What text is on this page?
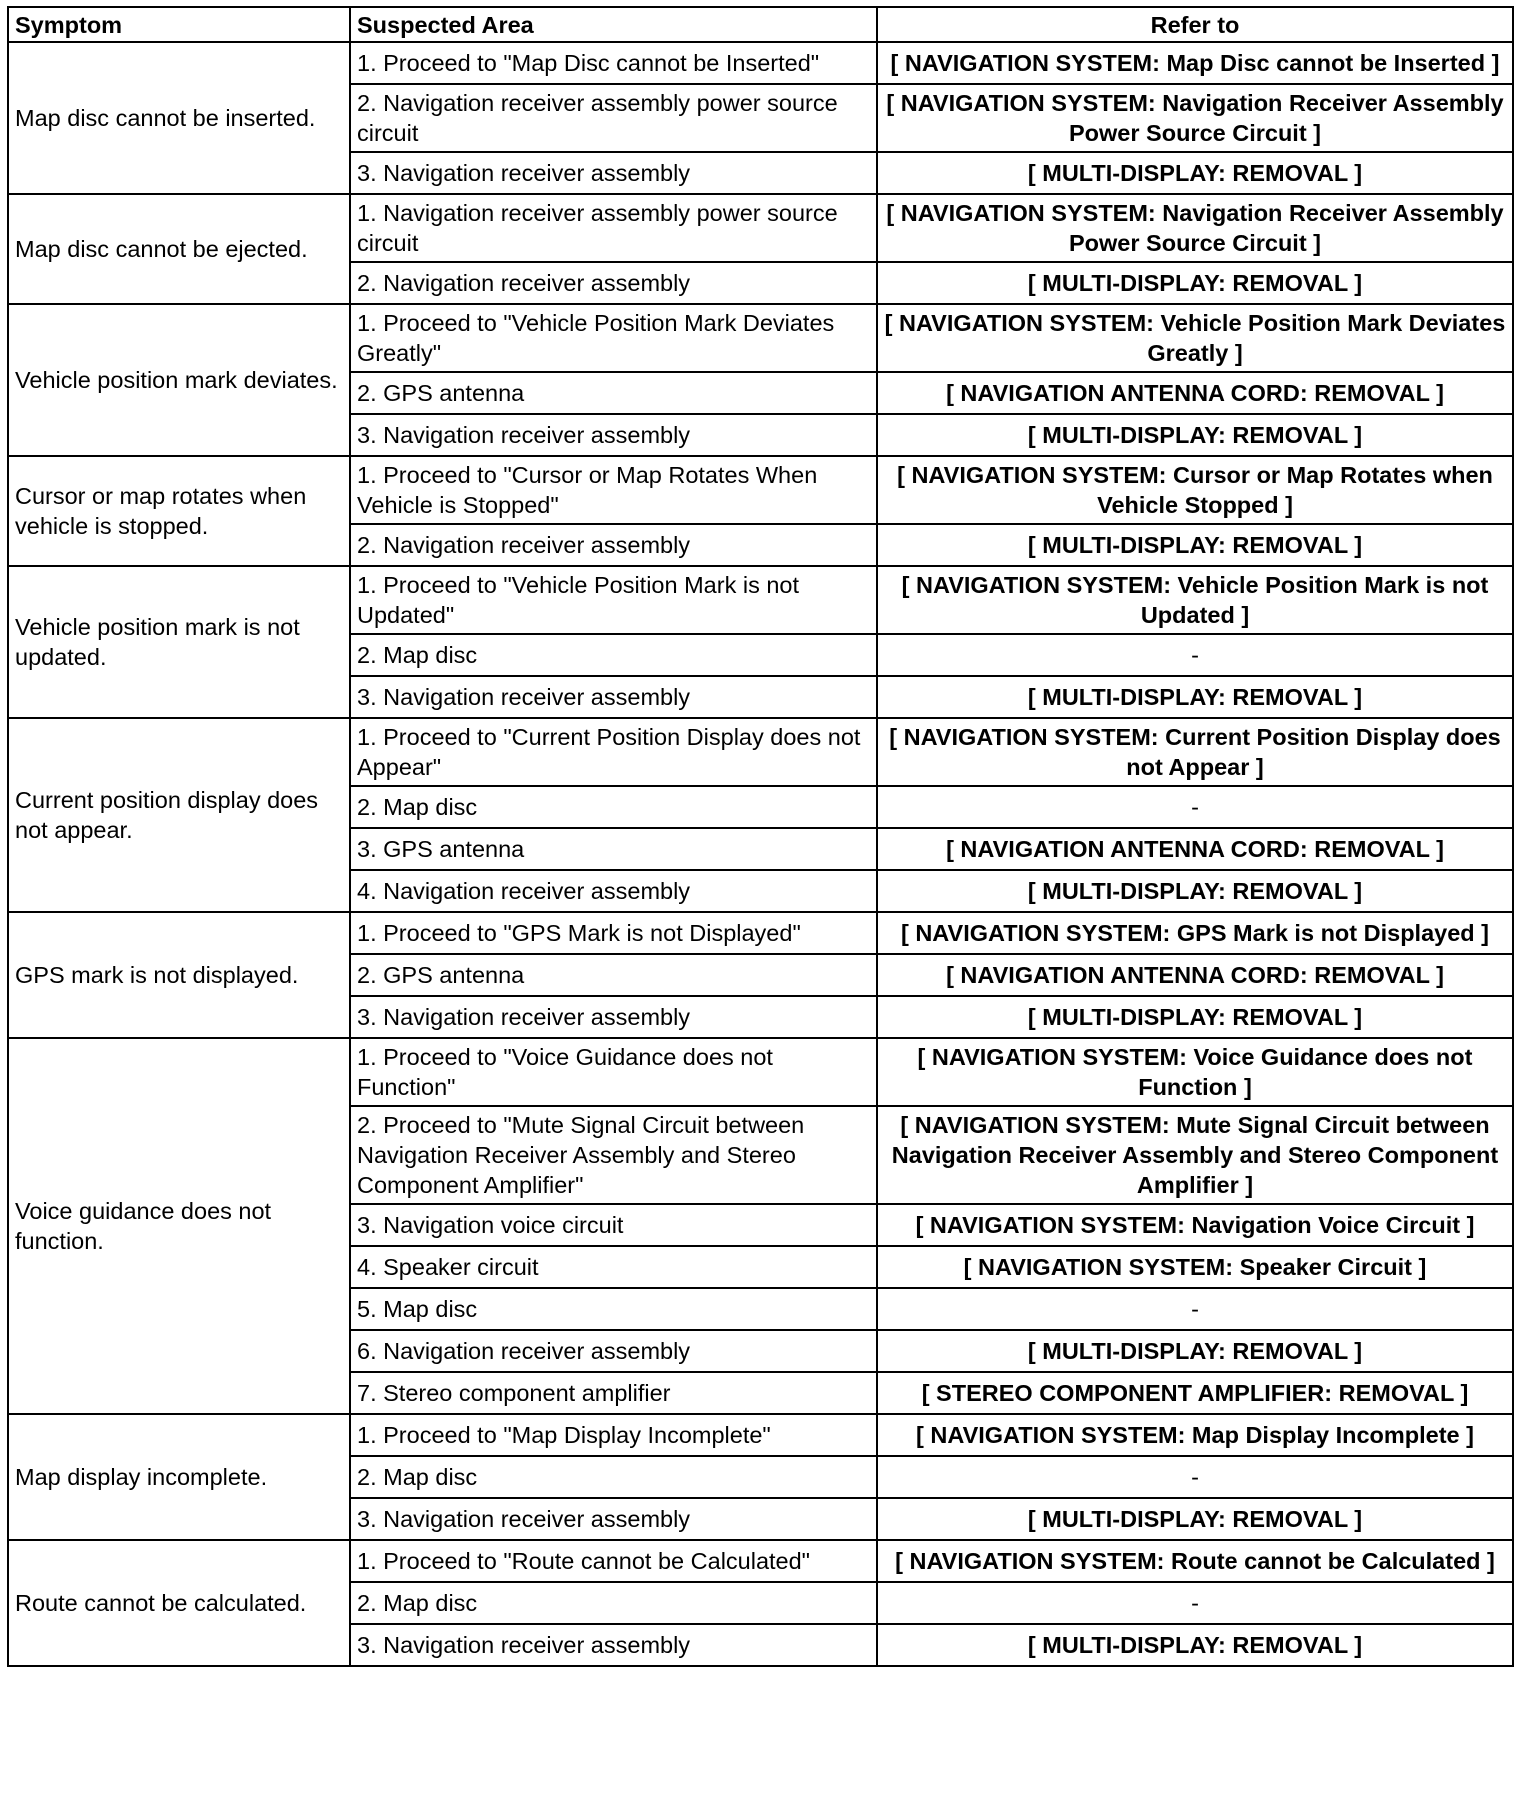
Symptom	Suspected Area	Refer to
Map disc cannot be inserted.	1. Proceed to "Map Disc cannot be Inserted"	[ NAVIGATION SYSTEM: Map Disc cannot be Inserted ]
	2. Navigation receiver assembly power source circuit	[ NAVIGATION SYSTEM: Navigation Receiver Assembly Power Source Circuit ]
	3. Navigation receiver assembly	[ MULTI-DISPLAY: REMOVAL ]
Map disc cannot be ejected.	1. Navigation receiver assembly power source circuit	[ NAVIGATION SYSTEM: Navigation Receiver Assembly Power Source Circuit ]
	2. Navigation receiver assembly	[ MULTI-DISPLAY: REMOVAL ]
Vehicle position mark deviates.	1. Proceed to "Vehicle Position Mark Deviates Greatly"	[ NAVIGATION SYSTEM: Vehicle Position Mark Deviates Greatly ]
	2. GPS antenna	[ NAVIGATION ANTENNA CORD: REMOVAL ]
	3. Navigation receiver assembly	[ MULTI-DISPLAY: REMOVAL ]
Cursor or map rotates when vehicle is stopped.	1. Proceed to "Cursor or Map Rotates When Vehicle is Stopped"	[ NAVIGATION SYSTEM: Cursor or Map Rotates when Vehicle Stopped ]
	2. Navigation receiver assembly	[ MULTI-DISPLAY: REMOVAL ]
Vehicle position mark is not updated.	1. Proceed to "Vehicle Position Mark is not Updated"	[ NAVIGATION SYSTEM: Vehicle Position Mark is not Updated ]
	2. Map disc	-
	3. Navigation receiver assembly	[ MULTI-DISPLAY: REMOVAL ]
Current position display does not appear.	1. Proceed to "Current Position Display does not Appear"	[ NAVIGATION SYSTEM: Current Position Display does not Appear ]
	2. Map disc	-
	3. GPS antenna	[ NAVIGATION ANTENNA CORD: REMOVAL ]
	4. Navigation receiver assembly	[ MULTI-DISPLAY: REMOVAL ]
GPS mark is not displayed.	1. Proceed to "GPS Mark is not Displayed"	[ NAVIGATION SYSTEM: GPS Mark is not Displayed ]
	2. GPS antenna	[ NAVIGATION ANTENNA CORD: REMOVAL ]
	3. Navigation receiver assembly	[ MULTI-DISPLAY: REMOVAL ]
Voice guidance does not function.	1. Proceed to "Voice Guidance does not Function"	[ NAVIGATION SYSTEM: Voice Guidance does not Function ]
	2. Proceed to "Mute Signal Circuit between Navigation Receiver Assembly and Stereo Component Amplifier"	[ NAVIGATION SYSTEM: Mute Signal Circuit between Navigation Receiver Assembly and Stereo Component Amplifier ]
	3. Navigation voice circuit	[ NAVIGATION SYSTEM: Navigation Voice Circuit ]
	4. Speaker circuit	[ NAVIGATION SYSTEM: Speaker Circuit ]
	5. Map disc	-
	6. Navigation receiver assembly	[ MULTI-DISPLAY: REMOVAL ]
	7. Stereo component amplifier	[ STEREO COMPONENT AMPLIFIER: REMOVAL ]
Map display incomplete.	1. Proceed to "Map Display Incomplete"	[ NAVIGATION SYSTEM: Map Display Incomplete ]
	2. Map disc	-
	3. Navigation receiver assembly	[ MULTI-DISPLAY: REMOVAL ]
Route cannot be calculated.	1. Proceed to "Route cannot be Calculated"	[ NAVIGATION SYSTEM: Route cannot be Calculated ]
	2. Map disc	-
	3. Navigation receiver assembly	[ MULTI-DISPLAY: REMOVAL ]
